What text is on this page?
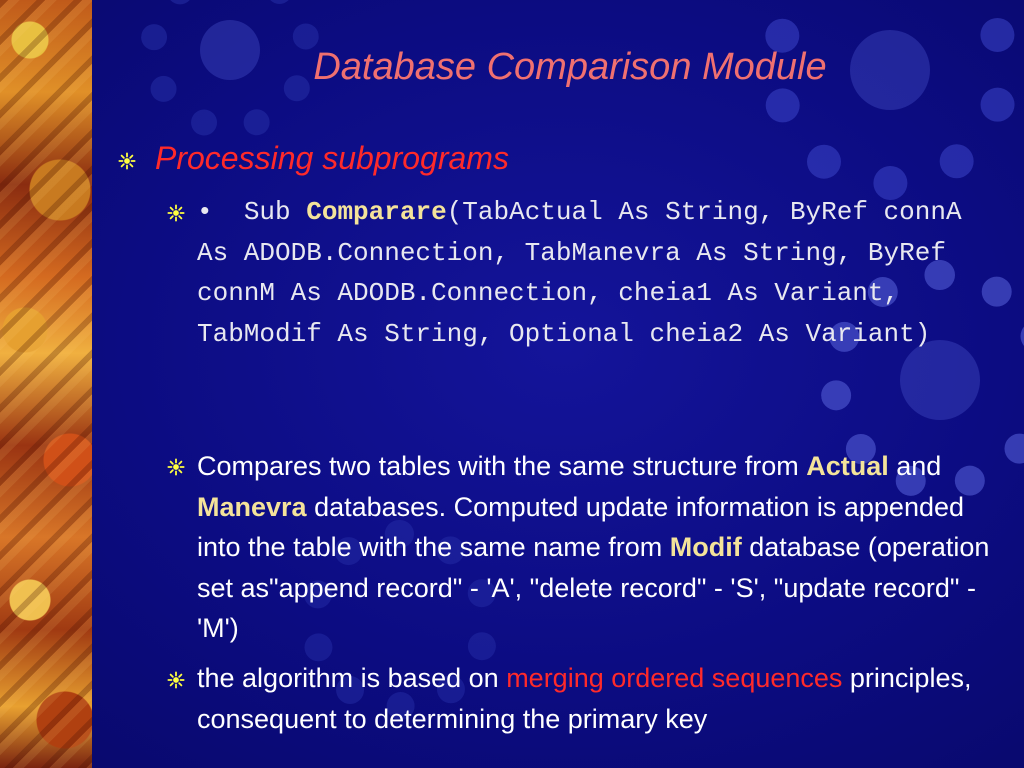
Database Comparison Module
Processing subprograms
• Sub Comparare(TabActual As String, ByRef connA As ADODB.Connection, TabManevra As String, ByRef connM As ADODB.Connection, cheia1 As Variant, TabModif As String, Optional cheia2 As Variant)
Compares two tables with the same structure from Actual and Manevra databases. Computed update information is appended into the table with the same name from Modif database (operation set as"append record" - 'A', "delete record" - 'S', "update record" -'M')
the algorithm is based on merging ordered sequences principles, consequent to determining the primary key
